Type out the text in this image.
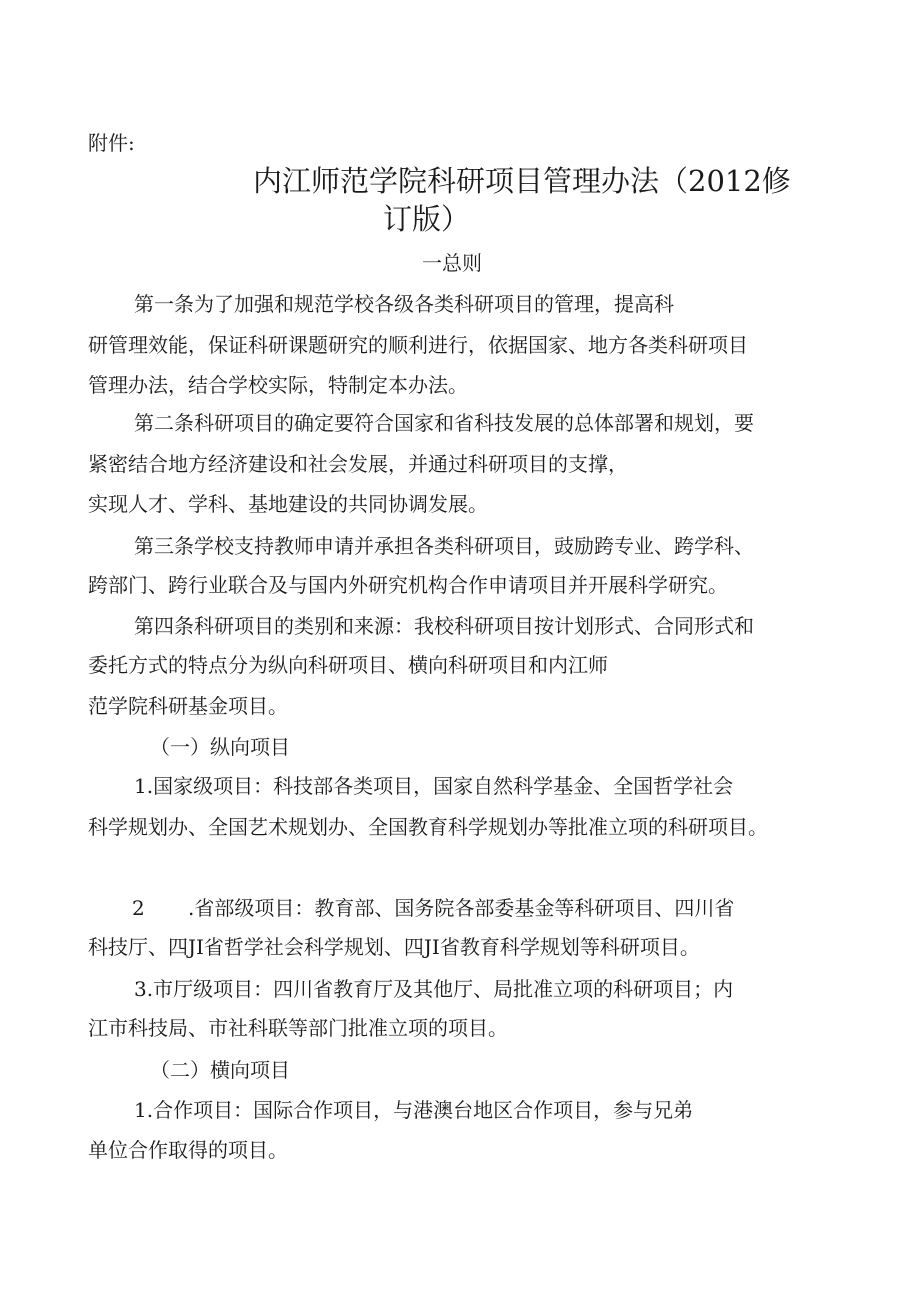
附件:
内江师范学院科研项目管理办法（2012修
订版）
一总则
第一条为了加强和规范学校各级各类科研项目的管理，提高科
研管理效能，保证科研课题研究的顺利进行，依据国家、地方各类科研项目
管理办法，结合学校实际，特制定本办法。
第二条科研项目的确定要符合国家和省科技发展的总体部署和规划，要
紧密结合地方经济建设和社会发展，并通过科研项目的支撑，
实现人才、学科、基地建设的共同协调发展。
第三条学校支持教师申请并承担各类科研项目，豉励跨专业、跨学科、
跨部门、跨行业联合及与国内外研究机构合作申请项目并开展科学研究。
第四条科研项目的类别和来源：我校科研项目按计划形式、合同形式和
委托方式的特点分为纵向科研项目、横向科研项目和内江师
范学院科研基金项目。
（一）纵向项目
1.国家级项目：科技部各类项目，国家自然科学基金、全国哲学社会
科学规划办、全国艺术规划办、全国教育科学规划办等批准立项的科研项目。
2 .省部级项目：教育部、国务院各部委基金等科研项目、四川省
科技厅、四JI省哲学社会科学规划、四JI省教育科学规划等科研项目。
3.市厅级项目：四川省教育厅及其他厅、局批准立项的科研项目；内
江市科技局、市社科联等部门批准立项的项目。
（二）横向项目
1.合作项目：国际合作项目，与港澳台地区合作项目，参与兄弟
单位合作取得的项目。
